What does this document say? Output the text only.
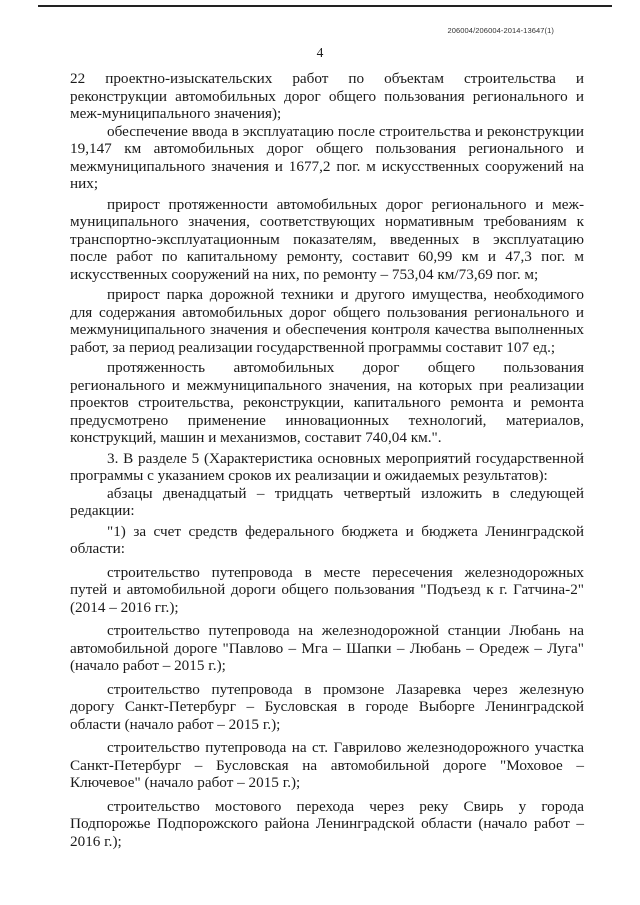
206004/206004-2014-13647(1)
4

22 проектно-изыскательских работ по объектам строительства и реконструкции автомобильных дорог общего пользования регионального и меж-муниципального значения);

обеспечение ввода в эксплуатацию после строительства и реконструкции 19,147 км автомобильных дорог общего пользования регионального и межмуниципального значения и 1677,2 пог. м искусственных сооружений на них;

прирост протяженности автомобильных дорог регионального и меж-муниципального значения, соответствующих нормативным требованиям к транспортно-эксплуатационным показателям, введенных в эксплуатацию после работ по капитальному ремонту, составит 60,99 км и 47,3 пог. м искусственных сооружений на них, по ремонту – 753,04 км/73,69 пог. м;

прирост парка дорожной техники и другого имущества, необходимого для содержания автомобильных дорог общего пользования регионального и межмуниципального значения и обеспечения контроля качества выполненных работ, за период реализации государственной программы составит 107 ед.;

протяженность автомобильных дорог общего пользования регионального и межмуниципального значения, на которых при реализации проектов строительства, реконструкции, капитального ремонта и ремонта предусмотрено применение инновационных технологий, материалов, конструкций, машин и механизмов, составит 740,04 км.".

3. В разделе 5 (Характеристика основных мероприятий государственной программы с указанием сроков их реализации и ожидаемых результатов):

абзацы двенадцатый – тридцать четвертый изложить в следующей редакции:

"1) за счет средств федерального бюджета и бюджета Ленинградской области:

строительство путепровода в месте пересечения железнодорожных путей и автомобильной дороги общего пользования "Подъезд к г. Гатчина-2" (2014 – 2016 гг.);

строительство путепровода на железнодорожной станции Любань на автомобильной дороге "Павлово – Мга – Шапки – Любань – Оредеж – Луга" (начало работ – 2015 г.);

строительство путепровода в промзоне Лазаревка через железную дорогу Санкт-Петербург – Бусловская в городе Выборге Ленинградской области (начало работ – 2015 г.);

строительство путепровода на ст. Гаврилово железнодорожного участка Санкт-Петербург – Бусловская на автомобильной дороге "Моховое – Ключевое" (начало работ – 2015 г.);

строительство мостового перехода через реку Свирь у города Подпорожье Подпорожского района Ленинградской области (начало работ – 2016 г.);
